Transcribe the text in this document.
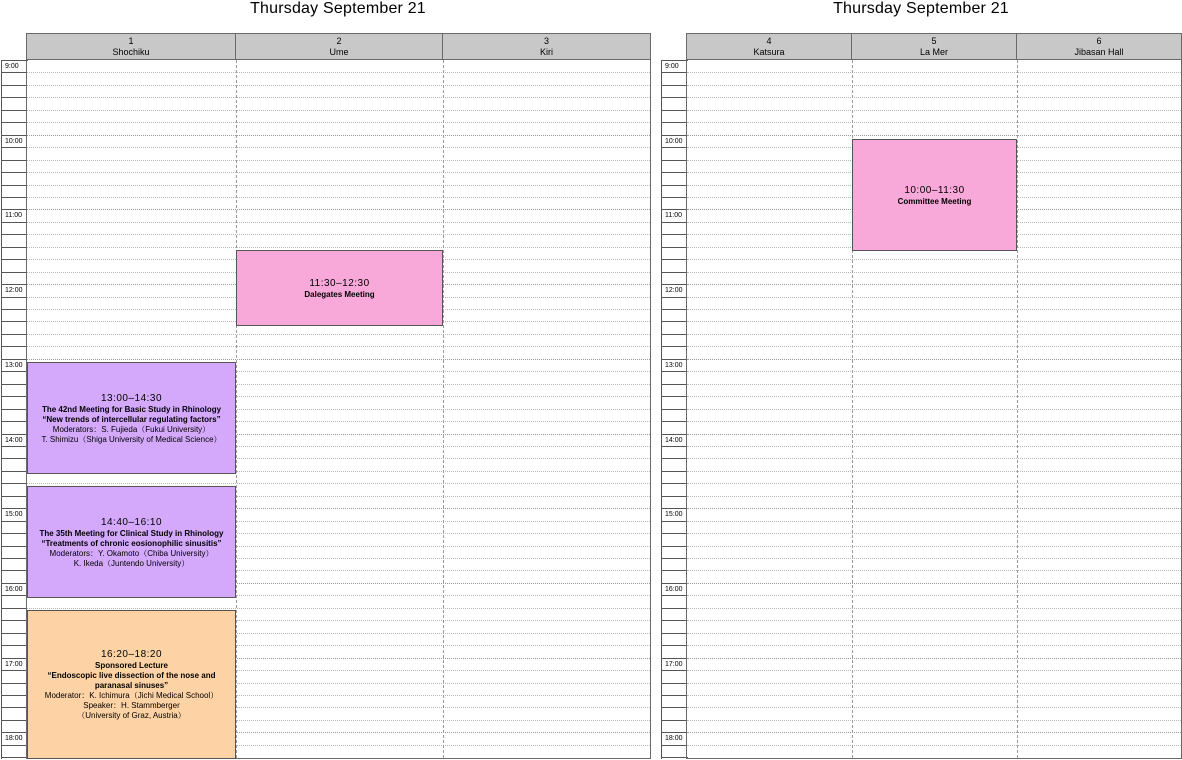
Thursday September 21	Thursday September 21
1
Shochiku
2
Ume
3
Kiri
4
Katsura
5
La Mer
6
Jibasan Hall
9:00
10:00
11:00
12:00
13:00
14:00
15:00
16:00
17:00
18:00
9:00
10:00
11:00
12:00
13:00
14:00
15:00
16:00
17:00
18:00
10:00‒11:30
Committee Meeting
11:30‒12:30
Dalegates Meeting
13:00‒14:30
The 42nd Meeting for Basic Study in Rhinology
“New trends of intercellular regulating factors”
Moderators：S. Fujieda（Fukui University）
T. Shimizu（Shiga University of Medical Science）
14:40‒16:10
The 35th Meeting for Clinical Study in Rhinology
“Treatments of chronic eosionophilic sinusitis”
Moderators：Y. Okamoto（Chiba University）
K. Ikeda（Juntendo University）
16:20‒18:20
Sponsored Lecture
“Endoscopic live dissection of the nose and paranasal sinuses”
Moderator：K. Ichimura（Jichi Medical School）
Speaker：H. Stammberger
（University of Graz, Austria）
